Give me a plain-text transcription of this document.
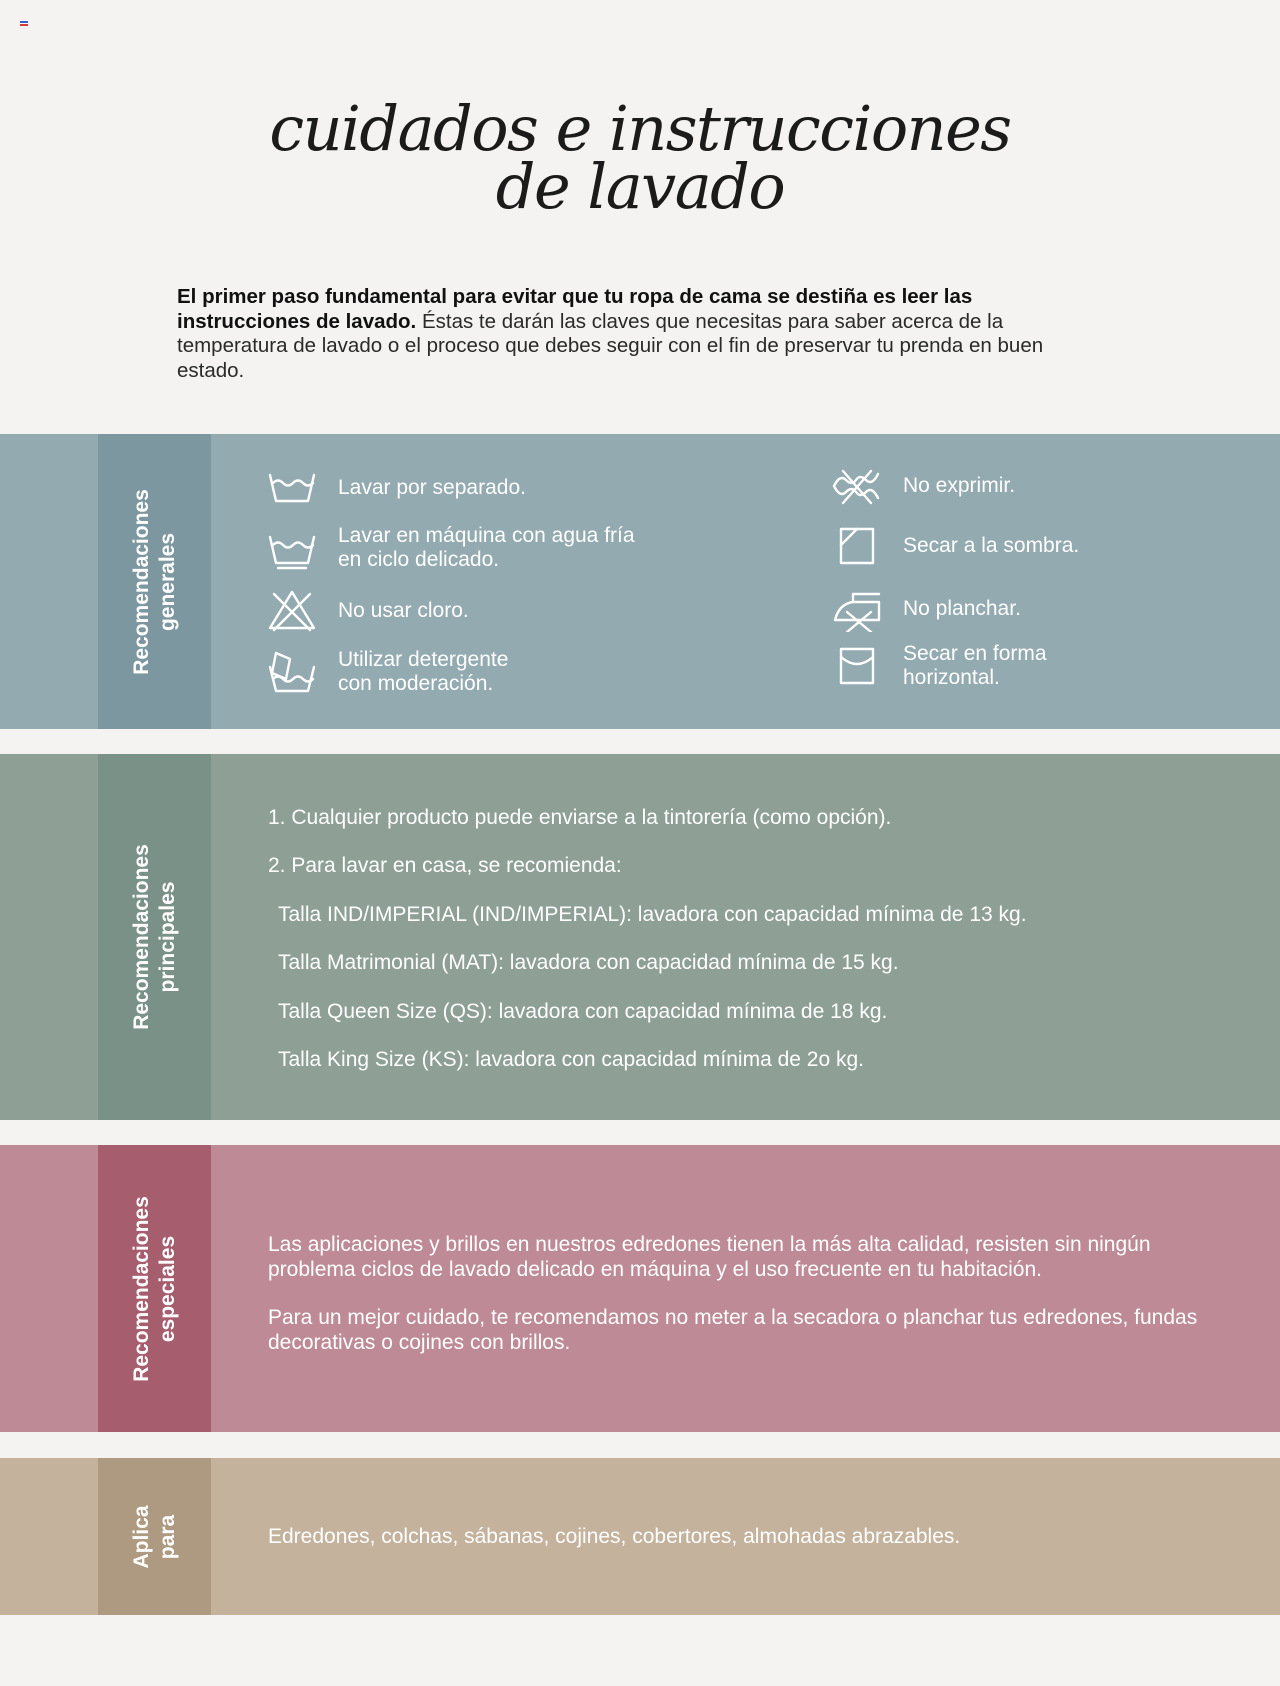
cuidados e instrucciones
de lavado
El primer paso fundamental para evitar que tu ropa de cama se destiña es leer las instrucciones de lavado. Éstas te darán las claves que necesitas para saber acerca de la temperatura de lavado o el proceso que debes seguir con el fin de preservar tu prenda en buen estado.
Recomendaciones generales
Lavar por separado.
Lavar en máquina con agua fría
en ciclo delicado.
No usar cloro.
Utilizar detergente
con moderación.
No exprimir.
Secar a la sombra.
No planchar.
Secar en forma
horizontal.
Recomendaciones principales
1. Cualquier producto puede enviarse a la tintorería (como opción).
2. Para lavar en casa, se recomienda:
Talla IND/IMPERIAL (IND/IMPERIAL): lavadora con capacidad mínima de 13 kg.
Talla Matrimonial (MAT): lavadora con capacidad mínima de 15 kg.
Talla Queen Size (QS): lavadora con capacidad mínima de 18 kg.
Talla King Size (KS): lavadora con capacidad mínima de 2o kg.
Recomendaciones especiales	Las aplicaciones y brillos en nuestros edredones tienen la más alta calidad, resisten sin ningún problema ciclos de lavado delicado en máquina y el uso frecuente en tu habitación.

Para un mejor cuidado, te recomendamos no meter a la secadora o planchar tus edredones, fundas decorativas o cojines con brillos.

Aplica para	Edredones, colchas, sábanas, cojines, cobertores, almohadas abrazables.
